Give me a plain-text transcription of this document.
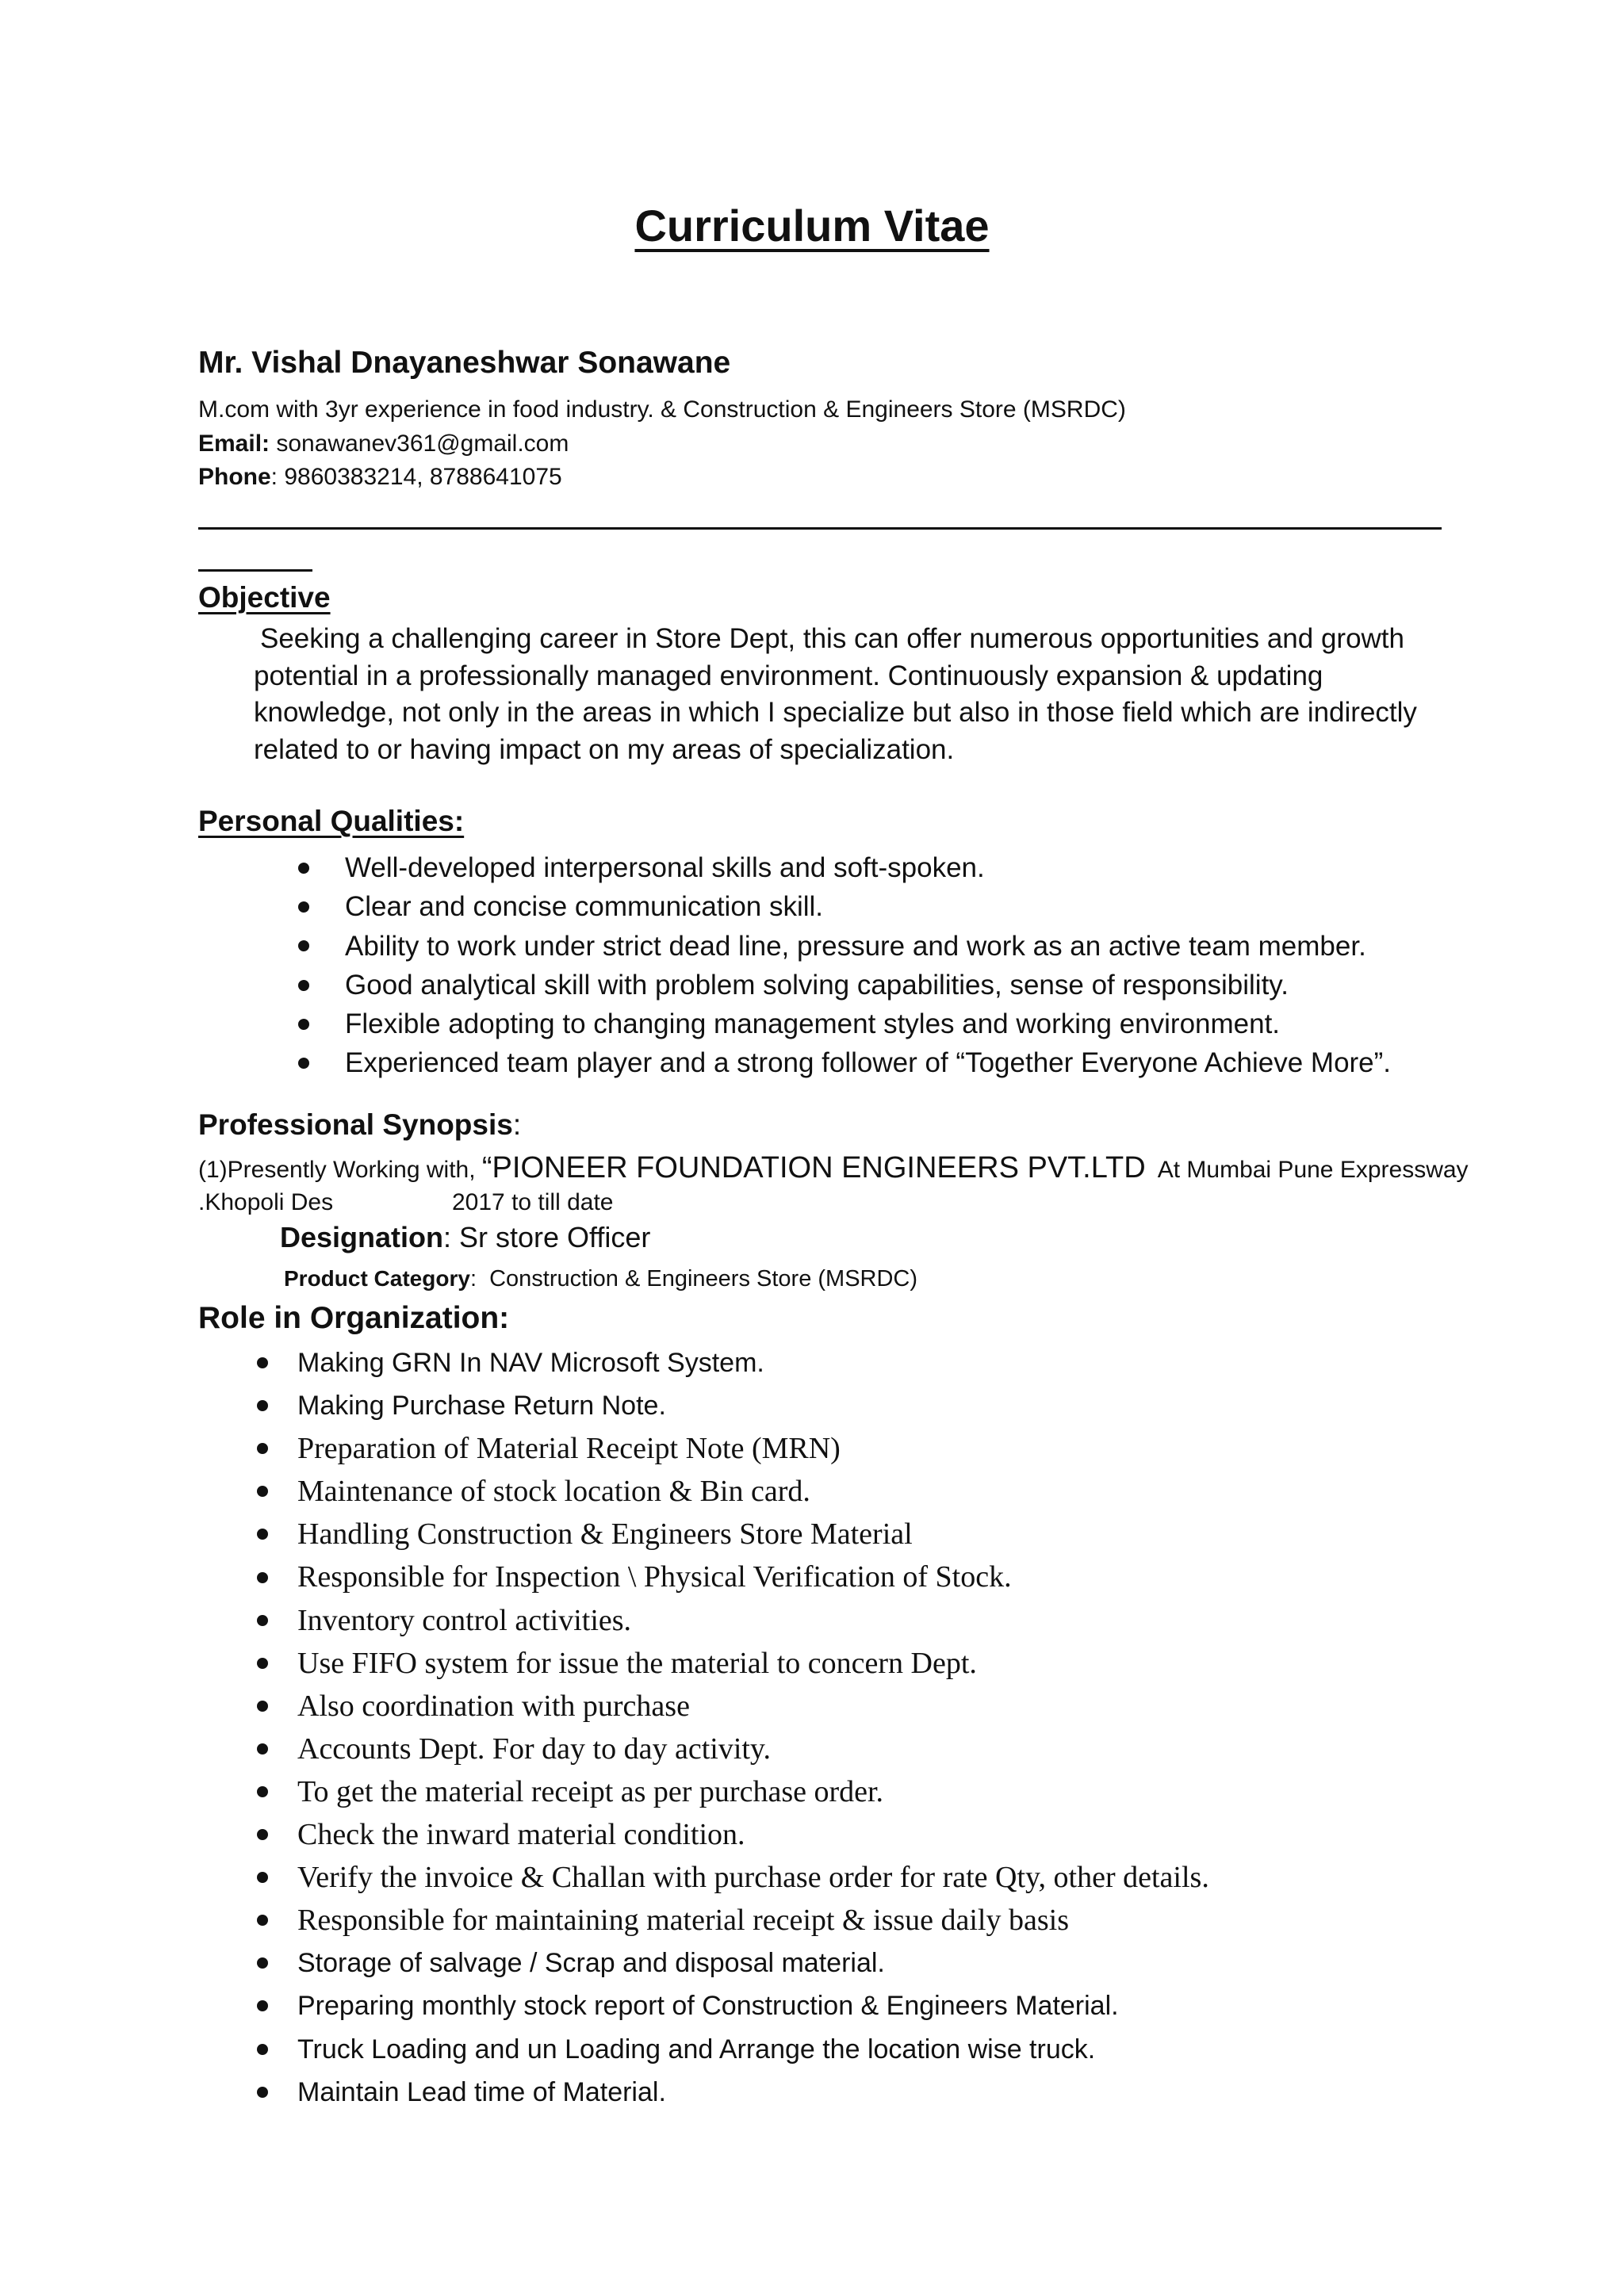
Curriculum Vitae
Mr. Vishal Dnayaneshwar Sonawane
M.com with 3yr experience in food industry. & Construction & Engineers Store (MSRDC)
Email: sonawanev361@gmail.com
Phone: 9860383214, 8788641075
Objective

Seeking a challenging career in Store Dept, this can offer numerous opportunities and growth

potential in a professionally managed environment. Continuously expansion & updating

knowledge, not only in the areas in which I specialize but also in those field which are indirectly

related to or having impact on my areas of specialization.

Personal Qualities:
Well-developed interpersonal skills and soft-spoken.
Clear and concise communication skill.
Ability to work under strict dead line, pressure and work as an active team member.
Good analytical skill with problem solving capabilities, sense of responsibility.
Flexible adopting to changing management styles and working environment.
Experienced team player and a strong follower of “Together Everyone Achieve More”.
Professional Synopsis:
(1)Presently Working with, “PIONEER FOUNDATION ENGINEERS PVT.LTD  At Mumbai Pune Expressway
.Khopoli Des	2017 to till date
Designation: Sr store Officer
Product Category:  Construction & Engineers Store (MSRDC)
Role in Organization:
Making GRN In NAV Microsoft System.
Making Purchase Return Note.
Preparation of Material Receipt Note (MRN)
Maintenance of stock location & Bin card.
Handling Construction & Engineers Store Material
Responsible for Inspection \ Physical Verification of Stock.
Inventory control activities.
Use FIFO system for issue the material to concern Dept.
Also coordination with purchase
Accounts Dept. For day to day activity.
To get the material receipt as per purchase order.
Check the inward material condition.
Verify the invoice & Challan with purchase order for rate Qty, other details.
Responsible for maintaining material receipt & issue daily basis
Storage of salvage / Scrap and disposal material.
Preparing monthly stock report of Construction & Engineers Material.
Truck Loading and un Loading and Arrange the location wise truck.
Maintain Lead time of Material.
